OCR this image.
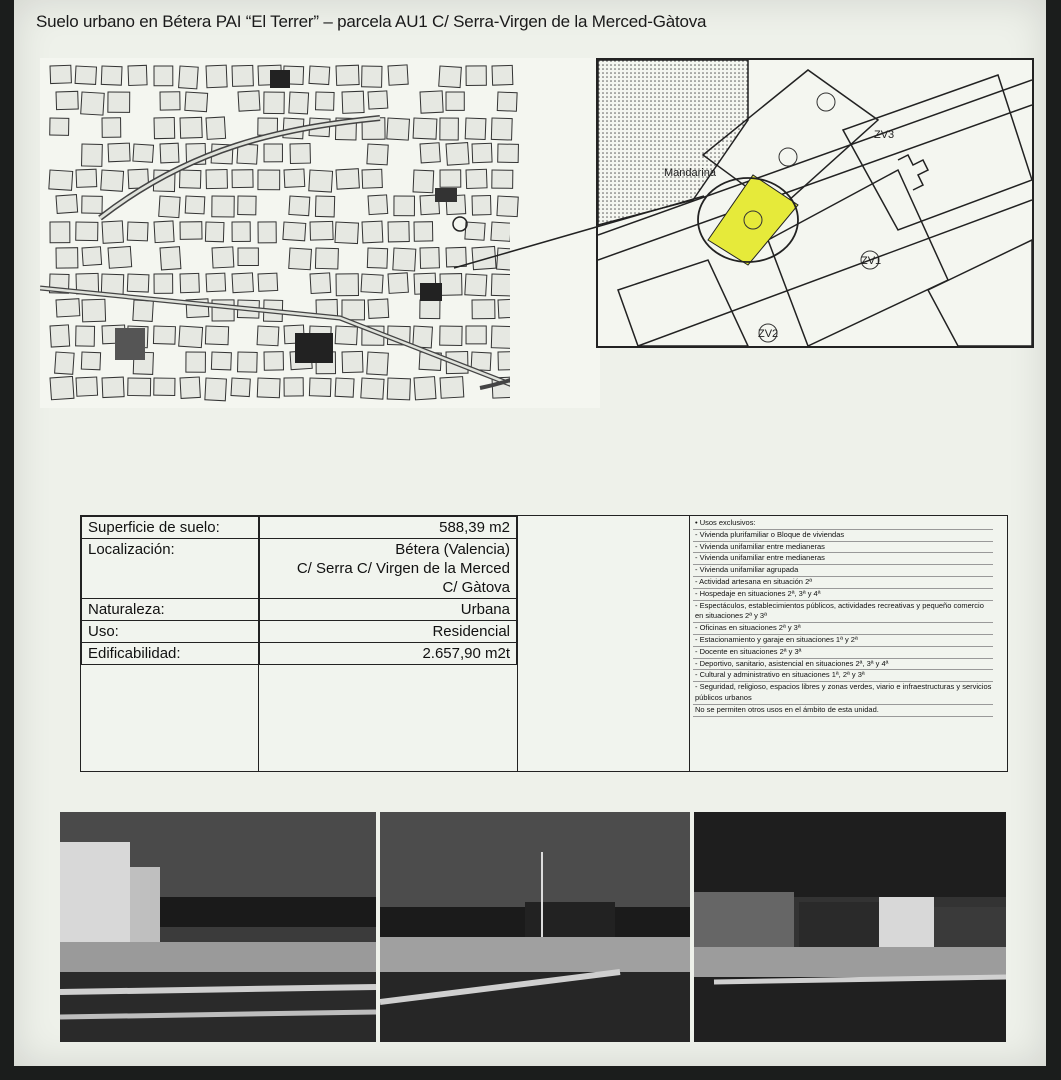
Suelo urbano en Bétera PAI “El Terrer” – parcela AU1 C/ Serra-Virgen de la Merced-Gàtova
Mandarina
ZV3
ZV1
ZV2
Superficie de suelo:	588,39 m2
Localización:	Bétera (Valencia)
C/ Serra C/ Virgen de la Merced
C/ Gàtova
Naturaleza:	Urbana
Uso:	Residencial
Edificabilidad:	2.657,90 m2t
• Usos exclusivos:
- Vivienda plurifamiliar o Bloque de viviendas
- Vivienda unifamiliar entre medianeras
- Vivienda unifamiliar entre medianeras
- Vivienda unifamiliar agrupada
- Actividad artesana en situación 2ª
- Hospedaje en situaciones 2ª, 3ª y 4ª
- Espectáculos, establecimientos públicos, actividades recreativas y pequeño comercio en situaciones 2ª y 3ª
- Oficinas en situaciones 2ª y 3ª
- Estacionamiento y garaje en situaciones 1ª y 2ª
- Docente en situaciones 2ª y 3ª
- Deportivo, sanitario, asistencial en situaciones 2ª, 3ª y 4ª
- Cultural y administrativo en situaciones 1ª, 2ª y 3ª
- Seguridad, religioso, espacios libres y zonas verdes, viario e infraestructuras y servicios públicos urbanos
No se permiten otros usos en el ámbito de esta unidad.
